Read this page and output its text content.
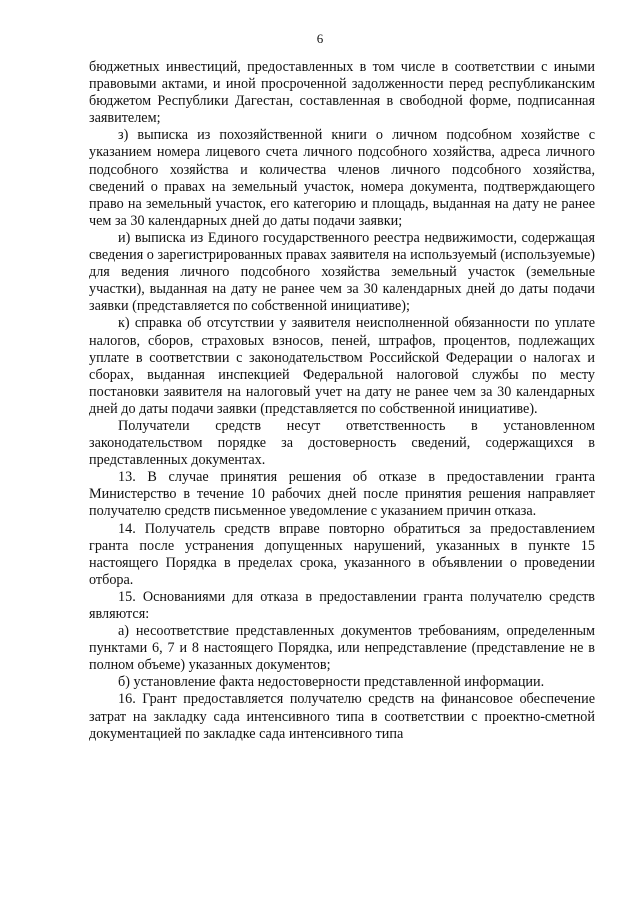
6

бюджетных инвестиций, предоставленных в том числе в соответствии с иными правовыми актами, и иной просроченной задолженности перед республиканским бюджетом Республики Дагестан, составленная в свободной форме, подписанная заявителем;

з) выписка из похозяйственной книги о личном подсобном хозяйстве с указанием номера лицевого счета личного подсобного хозяйства, адреса личного подсобного хозяйства и количества членов личного подсобного хозяйства, сведений о правах на земельный участок, номера документа, подтверждающего право на земельный участок, его категорию и площадь, выданная на дату не ранее чем за 30 календарных дней до даты подачи заявки;

и) выписка из Единого государственного реестра недвижимости, содержащая сведения о зарегистрированных правах заявителя на используемый (используемые) для ведения личного подсобного хозяйства земельный участок (земельные участки), выданная на дату не ранее чем за 30 календарных дней до даты подачи заявки (представляется по собственной инициативе);

к) справка об отсутствии у заявителя неисполненной обязанности по уплате налогов, сборов, страховых взносов, пеней, штрафов, процентов, подлежащих уплате в соответствии с законодательством Российской Федерации о налогах и сборах, выданная инспекцией Федеральной налоговой службы по месту постановки заявителя на налоговый учет на дату не ранее чем за 30 календарных дней до даты подачи заявки (представляется по собственной инициативе).

Получатели средств несут ответственность в установленном законодательством порядке за достоверность сведений, содержащихся в представленных документах.

13. В случае принятия решения об отказе в предоставлении гранта Министерство в течение 10 рабочих дней после принятия решения направляет получателю средств письменное уведомление с указанием причин отказа.

14. Получатель средств вправе повторно обратиться за предоставлением гранта после устранения допущенных нарушений, указанных в пункте 15 настоящего Порядка в пределах срока, указанного в объявлении о проведении отбора.

15. Основаниями для отказа в предоставлении гранта получателю средств являются:

а) несоответствие представленных документов требованиям, определенным пунктами 6, 7 и 8 настоящего Порядка, или непредставление (представление не в полном объеме) указанных документов;

б) установление факта недостоверности представленной информации.

16. Грант предоставляется получателю средств на финансовое обеспечение затрат на закладку сада интенсивного типа в соответствии с проектно-сметной документацией по закладке сада интенсивного типа
